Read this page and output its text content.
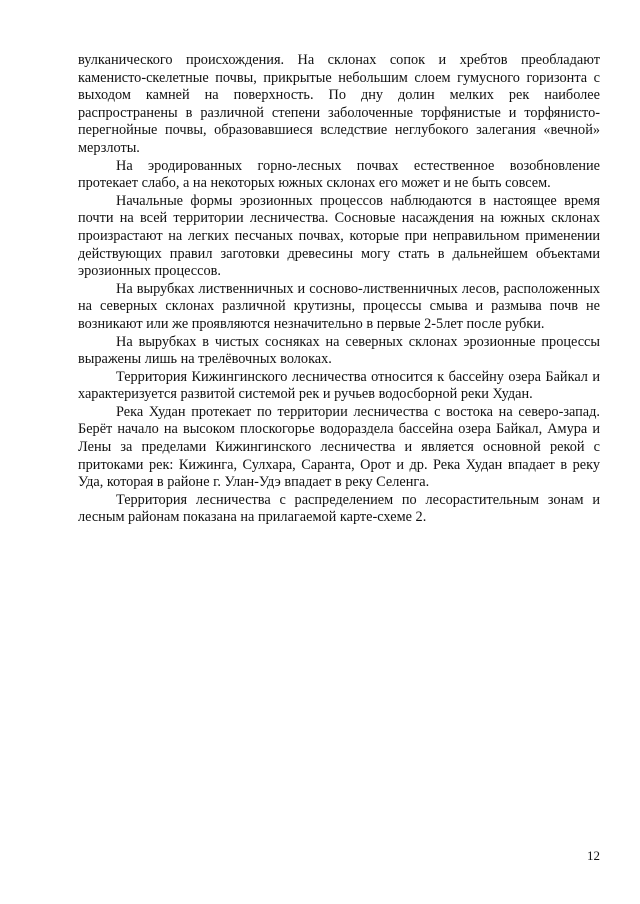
вулканического происхождения. На склонах сопок и хребтов преобладают каменисто-скелетные почвы, прикрытые небольшим слоем гумусного горизонта с выходом камней на поверхность. По дну долин мелких рек наиболее распространены в различной степени заболоченные торфянистые и торфянисто-перегнойные почвы, образовавшиеся вследствие неглубокого залегания «вечной» мерзлоты.

На эродированных горно-лесных почвах естественное возобновление протекает слабо, а на некоторых южных склонах его может и не быть совсем.

Начальные формы эрозионных процессов наблюдаются в настоящее время почти на всей территории лесничества. Сосновые насаждения на южных склонах произрастают на легких песчаных почвах, которые при неправильном применении действующих правил заготовки древесины могу стать в дальнейшем объектами эрозионных процессов.

На вырубках лиственничных и сосново-лиственничных лесов, расположенных на северных склонах различной крутизны, процессы смыва и размыва почв не возникают или же проявляются незначительно в первые 2-5лет после рубки.

На вырубках в чистых сосняках на северных склонах эрозионные процессы выражены лишь на трелёвочных волоках.

Территория Кижингинского лесничества относится к бассейну озера Байкал и характеризуется развитой системой рек и ручьев водосборной реки Худан.

Река Худан протекает по территории лесничества с востока на северо-запад. Берёт начало на высоком плоскогорье водораздела бассейна озера Байкал, Амура и Лены за пределами Кижингинского лесничества и является основной рекой с притоками рек: Кижинга, Сулхара, Саранта, Орот и др. Река Худан впадает в реку Уда, которая в районе г. Улан-Удэ впадает в реку Селенга.

Территория лесничества с распределением по лесорастительным зонам и лесным районам показана на прилагаемой карте-схеме 2.

12
